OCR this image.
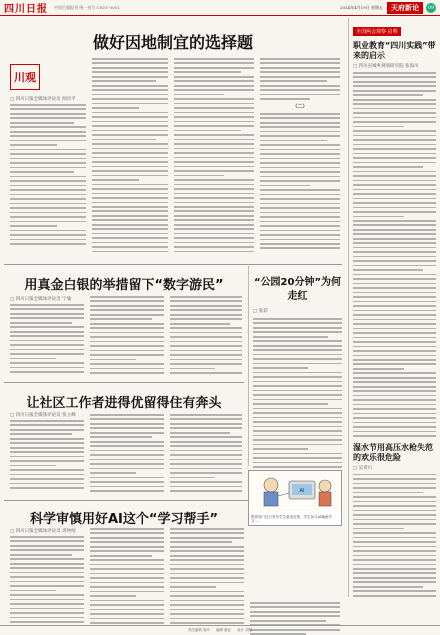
四川日报 中国百强报刊 统一刊号 CN51-0001	2024年4月19日 星期五	天府新论	09
做好因地制宜的选择题
川观
□ 四川日报全媒体评论员 闻昌平
（二）
用真金白银的举措留下“数字游民”
□ 四川日报全媒体评论员 宁瑜
“公园20分钟”为何走红
□ 张彩
让社区工作者进得优留得住有奔头
□ 四川日报全媒体评论员 张立峰
科学审慎用好AI这个“学习帮手”
□ 四川日报全媒体评论员 周仲闻
AI
教育部门近日发布学生意见征集，学生参与AI辅助学习……
全国两会观察·启明
职业教育“四川实践”带来的启示
□ 四川省城乡规划研究院 张海川
湿水节用高压水枪失范的欢乐很危险
□ 吴青川
责任编辑 周玲 编辑 谢亚 设计 刘翔
